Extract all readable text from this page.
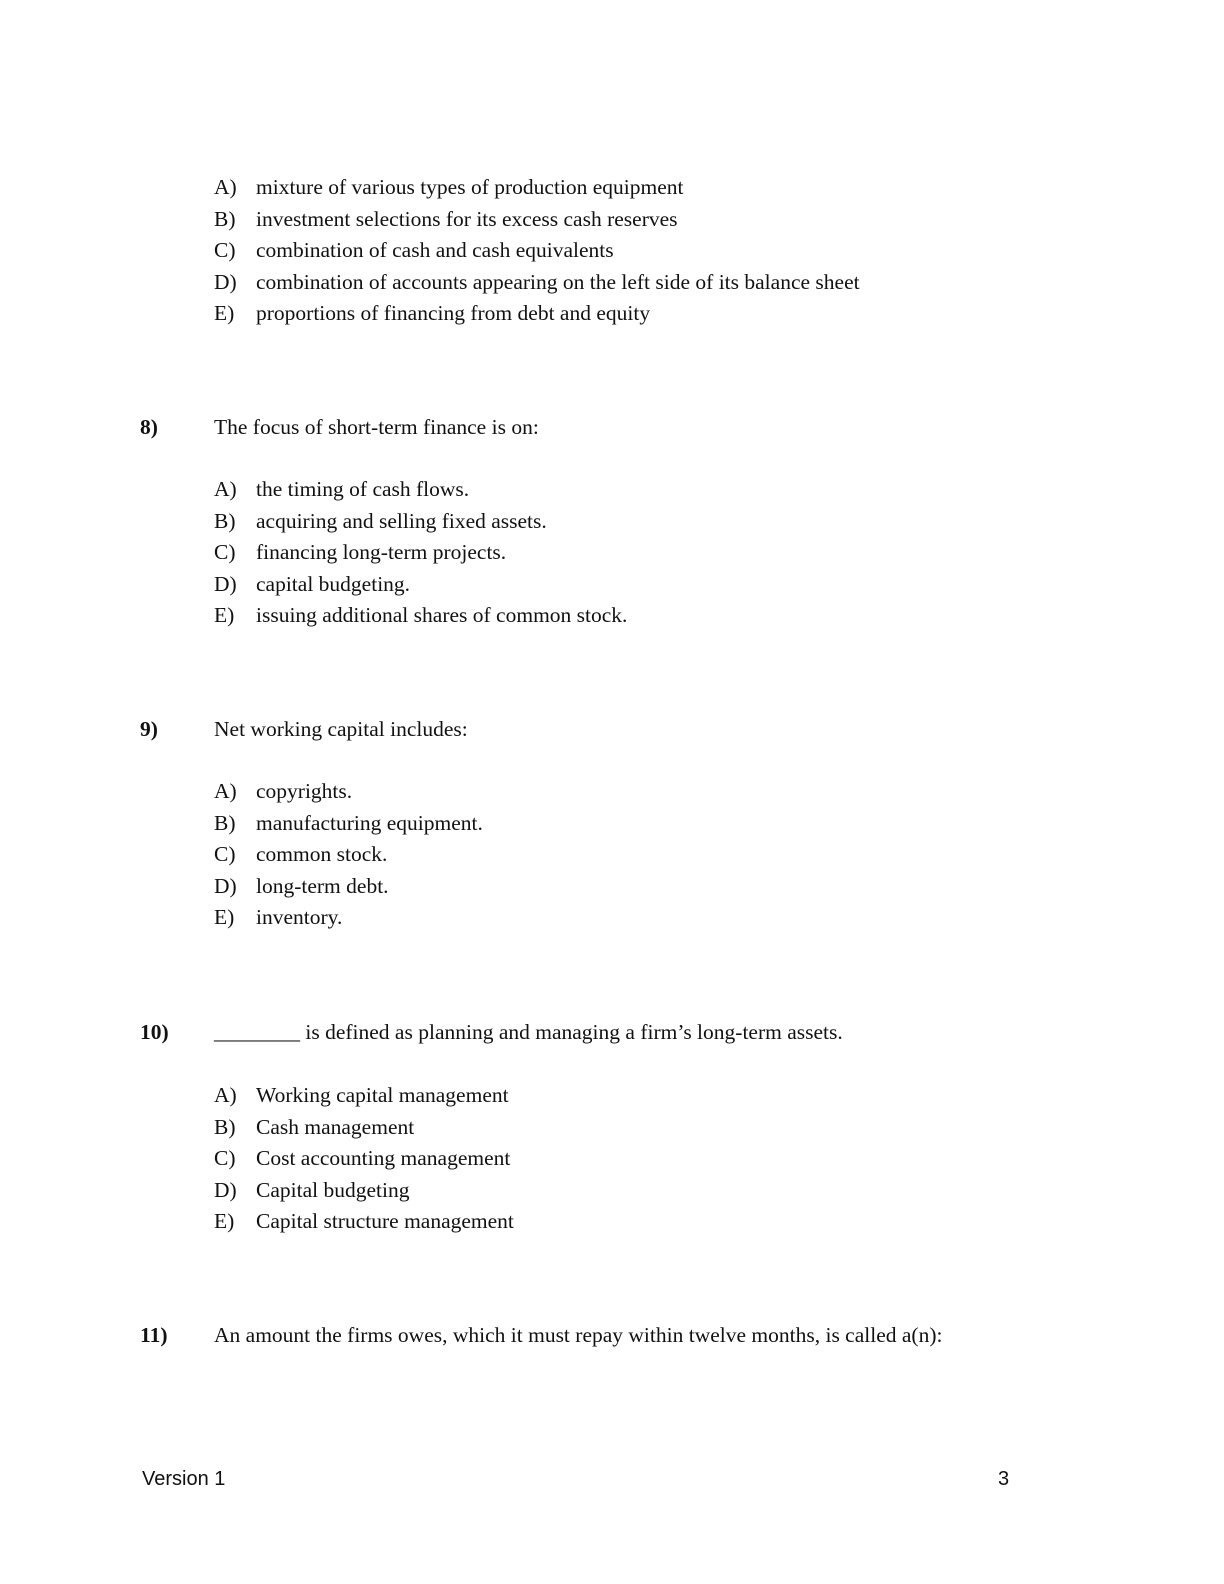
A) mixture of various types of production equipment
B) investment selections for its excess cash reserves
C) combination of cash and cash equivalents
D) combination of accounts appearing on the left side of its balance sheet
E) proportions of financing from debt and equity
8)	The focus of short-term finance is on:
A) the timing of cash flows.
B) acquiring and selling fixed assets.
C) financing long-term projects.
D) capital budgeting.
E) issuing additional shares of common stock.
9)	Net working capital includes:
A) copyrights.
B) manufacturing equipment.
C) common stock.
D) long-term debt.
E) inventory.
10) ________ is defined as planning and managing a firm’s long-term assets.
A) Working capital management
B) Cash management
C) Cost accounting management
D) Capital budgeting
E) Capital structure management
11) An amount the firms owes, which it must repay within twelve months, is called a(n):
Version 1	3
